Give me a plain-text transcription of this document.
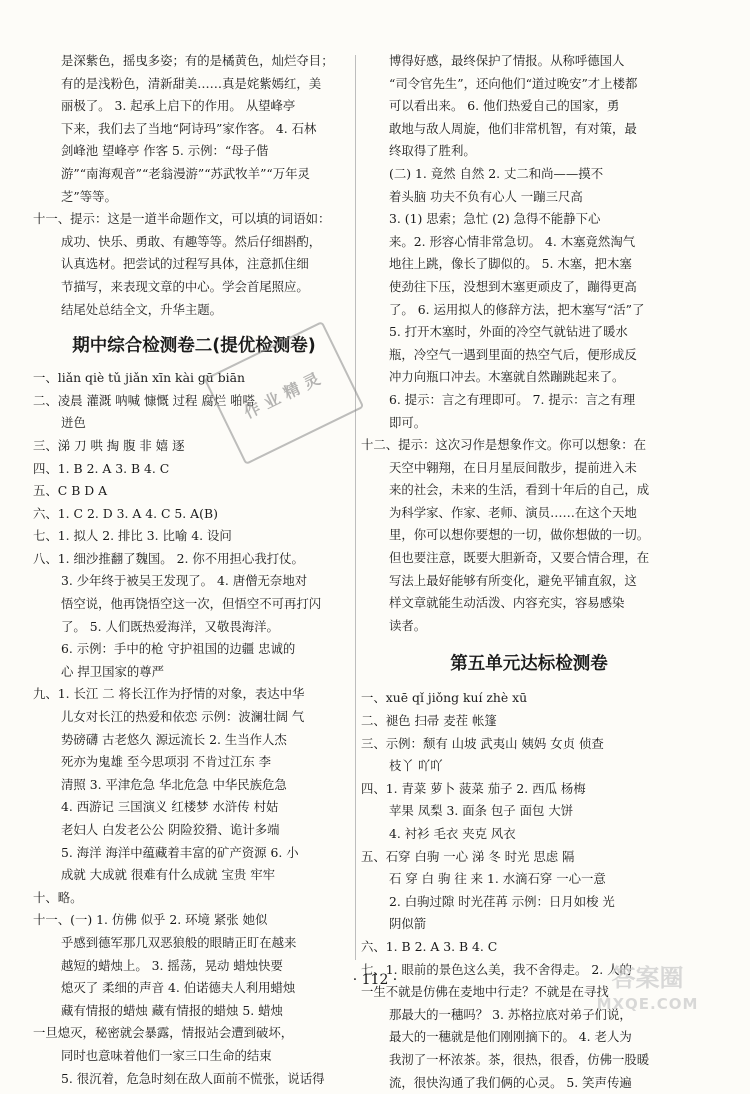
是深紫色，摇曳多姿；有的是橘黄色，灿烂夺目；
有的是浅粉色，清新甜美……真是姹紫嫣红，美
丽极了。 3. 起承上启下的作用。 从望峰亭
下来，我们去了当地“阿诗玛”家作客。 4. 石林
剑峰池 望峰亭 作客 5. 示例：“母子偕
游”“南海观音”“老翁漫游”“苏武牧羊”“万年灵
芝”等等。
十一、提示：这是一道半命题作文，可以填的词语如：
成功、快乐、勇敢、有趣等等。然后仔细斟酌，
认真选材。把尝试的过程写具体，注意抓住细
节描写，来表现文章的中心。学会首尾照应。
结尾处总结全文，升华主题。
期中综合检测卷二(提优检测卷)
一、liǎn qiè tǔ jiǎn xīn kài gū biān
二、凌晨 灌溉 呐喊 慷慨 过程 腐烂 啪嗒
迸色
三、涕 刀 哄 掏 腹 非 嬉 逐
四、1. B 2. A 3. B 4. C
五、C B D A
六、1. C 2. D 3. A 4. C 5. A(B)
七、1. 拟人 2. 排比 3. 比喻 4. 设问
八、1. 细沙推翻了魏国。 2. 你不用担心我打仗。
3. 少年终于被吴王发现了。 4. 唐僧无奈地对
悟空说，他再饶悟空这一次，但悟空不可再打闪
了。 5. 人们既热爱海洋，又敬畏海洋。
6. 示例：手中的枪 守护祖国的边疆 忠诚的
心 捍卫国家的尊严
九、1. 长江 二 将长江作为抒情的对象，表达中华
儿女对长江的热爱和依恋 示例：波澜壮阔 气
势磅礴 古老悠久 源远流长 2. 生当作人杰
死亦为鬼雄 至今思项羽 不肯过江东 李
清照 3. 平津危急 华北危急 中华民族危急
4. 西游记 三国演义 红楼梦 水浒传 村姑
老妇人 白发老公公 阴险狡猾、诡计多端
5. 海洋 海洋中蕴藏着丰富的矿产资源 6. 小
成就 大成就 很难有什么成就 宝贵 牢牢
十、略。
十一、(一) 1. 仿佛 似乎 2. 环境 紧张 她似
乎感到德军那几双恶狼般的眼睛正盯在越来
越短的蜡烛上。 3. 摇荡，晃动 蜡烛快要
熄灭了 柔细的声音 4. 伯诺德夫人利用蜡烛
藏有情报的蜡烛 藏有情报的蜡烛 5. 蜡烛
一旦熄灭，秘密就会暴露，情报站会遭到破坏，
同时也意味着他们一家三口生命的结束
5. 很沉着，危急时刻在敌人面前不慌张，说话得
博得好感，最终保护了情报。从称呼德国人
“司令官先生”，还向他们“道过晚安”才上楼都
可以看出来。 6. 他们热爱自己的国家，勇
敢地与敌人周旋，他们非常机智，有对策，最
终取得了胜利。
(二) 1. 竟然 自然 2. 丈二和尚——摸不
着头脑 功夫不负有心人 一蹦三尺高
3. (1) 思索；急忙 (2) 急得不能静下心
来。2. 形容心情非常急切。 4. 木塞竟然淘气
地往上跳，像长了脚似的。 5. 木塞，把木塞
使劲往下压，没想到木塞更顽皮了，蹦得更高
了。 6. 运用拟人的修辞方法，把木塞写“活”了
5. 打开木塞时，外面的冷空气就钻进了暖水
瓶，冷空气一遇到里面的热空气后，便形成反
冲力向瓶口冲去。木塞就自然蹦跳起来了。
6. 提示：言之有理即可。 7. 提示：言之有理
即可。
十二、提示：这次习作是想象作文。你可以想象：在
天空中翱翔，在日月星辰间散步，提前进入未
来的社会，未来的生活，看到十年后的自己，成
为科学家、作家、老师、演员……在这个天地
里，你可以想你要想的一切，做你想做的一切。
但也要注意，既要大胆新奇，又要合情合理，在
写法上最好能够有所变化，避免平铺直叙，这
样文章就能生动活泼、内容充实，容易感染
读者。
第五单元达标检测卷
一、xuē qǐ jiǒng kuí zhè xū
二、褪色 扫帚 麦茬 帐篷
三、示例：颓有 山坡 武夷山 姨妈 女贞 侦查
枝丫 吖吖
四、1. 青菜 萝卜 菠菜 茄子 2. 西瓜 杨梅
苹果 凤梨 3. 面条 包子 面包 大饼
4. 衬衫 毛衣 夹克 风衣
五、石穿 白驹 一心 涕 冬 时光 思虑 隔
石 穿 白 驹 往 来 1. 水滴石穿 一心一意
2. 白驹过隙 时光荏苒 示例：日月如梭 光
阴似箭
六、1. B 2. A 3. B 4. C
七、1. 眼前的景色这么美，我不舍得走。 2. 人的
一生不就是仿佛在麦地中行走？不就是在寻找
那最大的一穗吗？ 3. 苏格拉底对弟子们说，
最大的一穗就是他们刚刚摘下的。 4. 老人为
我沏了一杯浓茶。茶，很热，很香，仿佛一股暖
流，很快沟通了我们俩的心灵。 5. 笑声传遍
作业精灵
· 112 ·	答案圈
MXQE.COM
